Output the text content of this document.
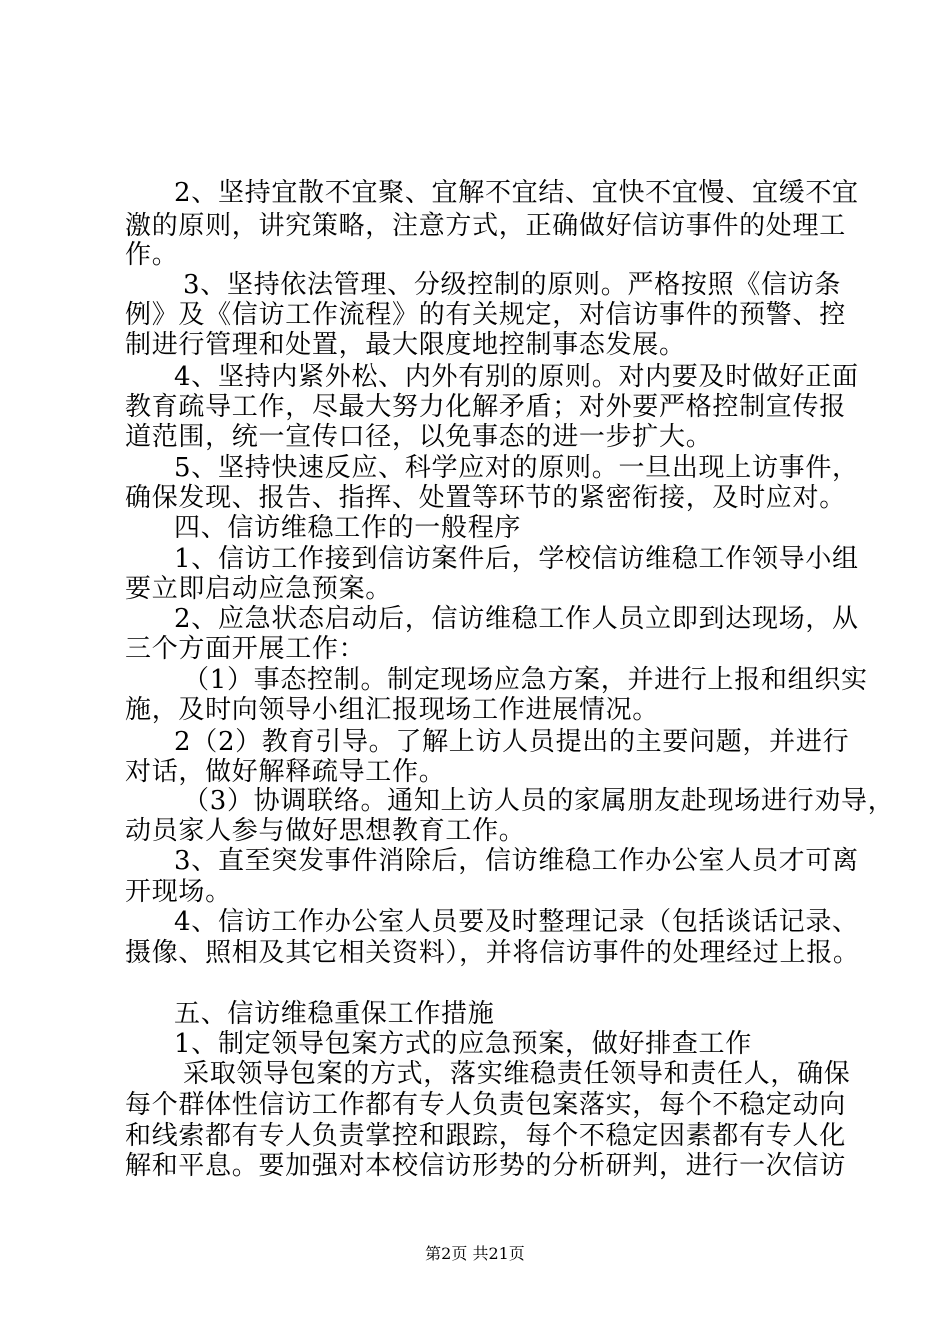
2、坚持宜散不宜聚、宜解不宜结、宜快不宜慢、宜缓不宜
激的原则，讲究策略，注意方式，正确做好信访事件的处理工
作。
3、坚持依法管理、分级控制的原则。严格按照《信访条
例》及《信访工作流程》的有关规定，对信访事件的预警、控
制进行管理和处置，最大限度地控制事态发展。
4、坚持内紧外松、内外有别的原则。对内要及时做好正面
教育疏导工作，尽最大努力化解矛盾；对外要严格控制宣传报
道范围，统一宣传口径，以免事态的进一步扩大。
5、坚持快速反应、科学应对的原则。一旦出现上访事件，
确保发现、报告、指挥、处置等环节的紧密衔接，及时应对。
四、信访维稳工作的一般程序
1、信访工作接到信访案件后，学校信访维稳工作领导小组
要立即启动应急预案。
2、应急状态启动后，信访维稳工作人员立即到达现场，从
三个方面开展工作：
（1）事态控制。制定现场应急方案，并进行上报和组织实
施，及时向领导小组汇报现场工作进展情况。
2（2）教育引导。了解上访人员提出的主要问题，并进行
对话，做好解释疏导工作。
（3）协调联络。通知上访人员的家属朋友赴现场进行劝导，
动员家人参与做好思想教育工作。
3、直至突发事件消除后，信访维稳工作办公室人员才可离
开现场。
4、信访工作办公室人员要及时整理记录（包括谈话记录、
摄像、照相及其它相关资料），并将信访事件的处理经过上报。
五、信访维稳重保工作措施
1、制定领导包案方式的应急预案，做好排查工作
采取领导包案的方式，落实维稳责任领导和责任人，确保
每个群体性信访工作都有专人负责包案落实，每个不稳定动向
和线索都有专人负责掌控和跟踪，每个不稳定因素都有专人化
解和平息。要加强对本校信访形势的分析研判，进行一次信访
第2页 共21页
